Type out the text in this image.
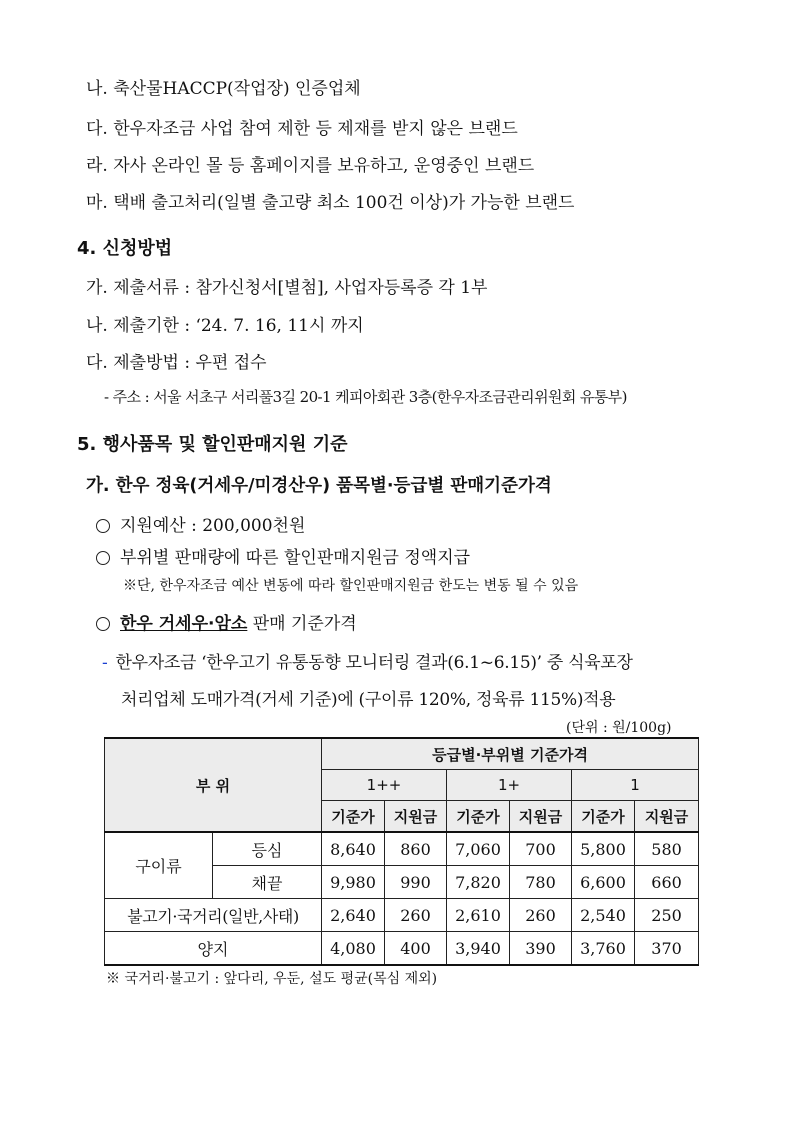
나. 축산물HACCP(작업장) 인증업체
다. 한우자조금 사업 참여 제한 등 제재를 받지 않은 브랜드
라. 자사 온라인 몰 등 홈페이지를 보유하고, 운영중인 브랜드
마. 택배 출고처리(일별 출고량 최소 100건 이상)가 가능한 브랜드
4. 신청방법
가. 제출서류 : 참가신청서[별첨], 사업자등록증 각 1부
나. 제출기한 : ‘24. 7. 16, 11시 까지
다. 제출방법 : 우편 접수
- 주소 : 서울 서초구 서리풀3길 20-1 케피아회관 3층(한우자조금관리위원회 유통부)
5. 행사품목 및 할인판매지원 기준
가. 한우 정육(거세우/미경산우) 품목별·등급별 판매기준가격
지원예산 : 200,000천원
부위별 판매량에 따른 할인판매지원금 정액지급
※단, 한우자조금 예산 변동에 따라 할인판매지원금 한도는 변동 될 수 있음
한우 거세우·암소 판매 기준가격
- 한우자조금 ‘한우고기 유통동향 모니터링 결과(6.1~6.15)’ 중 식육포장
처리업체 도매가격(거세 기준)에 (구이류 120%, 정육류 115%)적용
(단위 : 원/100g)
부 위		등급별·부위별 기준가격					
		1++		1+		1	
		기준가	지원금	기준가	지원금	기준가	지원금
구이류	등심	8,640	860	7,060	700	5,800	580
	채끝	9,980	990	7,820	780	6,600	660
불고기·국거리(일반,사태)		2,640	260	2,610	260	2,540	250
양지		4,080	400	3,940	390	3,760	370
※ 국거리·불고기 : 앞다리, 우둔, 설도 평균(목심 제외)
